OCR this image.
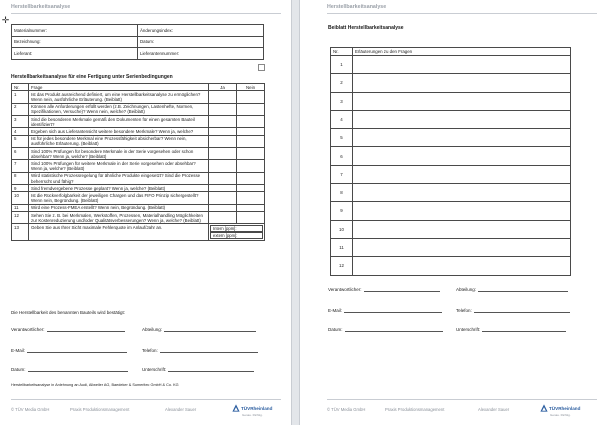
Herstellbarkeitsanalyse
✛
Materialnummer:	Änderungsindex:
Bezeichnung:	Datum:
Lieferant:	Lieferantennummer:
Herstellbarkeitsanalyse für eine Fertigung unter Serienbedingungen
Nr.	Frage	Ja	Nein
1	Ist das Produkt ausreichend definiert, um eine Herstellbarkeitsanalyse zu ermöglichen? Wenn nein, ausführliche Erläuterung. (Beiblatt)		
2	Können alle Anforderungen erfüllt werden (z.B. Zeichnungen, Lastenhefte, Normen, Spezifikationen, Versuche)? Wenn nein, welche? (Beiblatt)		
3	Sind die besonderen Merkmale gemäß den Dokumenten für einen gesamten Bauteil identifiziert?		
4	Ergeben sich aus Lieferantensicht weitere besondere Merkmale? Wenn ja, welche?		
5	Ist für jedes besondere Merkmal eine Prozessfähigkeit absicherbar? Wenn nein, ausführliche Erläuterung. (Beiblatt)		
6	Sind 100% Prüfungen für besondere Merkmale in der Serie vorgesehen oder schon absehbar? Wenn ja, welche? (Beiblatt)		
7	Sind 100% Prüfungen für weitere Merkmale in der Serie vorgesehen oder absehbar? Wenn ja, welche? (Beiblatt)		
8	Wird statistische Prozessregelung für ähnliche Produkte eingesetzt? Sind die Prozesse beherrscht und fähig?		
9	Sind fremdvergebene Prozesse geplant? Wenn ja, welche? (Beiblatt)		
10	Ist die Rückverfolgbarkeit der jeweiligen Chargen und das FIFO Prinzip sichergestellt? Wenn nein, Begründung. (Beiblatt)		
11	Wird eine Prozess-FMEA erstellt? Wenn nein, Begründung. (Beiblatt)		
12	Sehen Sie z. B. bei Merkmalen, Werkstoffen, Prozessen, Materialhandling Möglichkeiten zur Kostenreduzierung und/oder Qualitätsverbesserungen? Wenn ja, welche? (Beiblatt)		
13	Geben Sie aus Ihrer Sicht maximale Fehlerquote im Anlauf/Jahr an.	Intern [ppm]:
extern [ppm]:	
Die Herstellbarkeit des benannten Bauteils wird bestätigt:
Verantwortlicher:	Abteilung:
E-Mail:	Telefon:
Datum:	Unterschrift:
Herstellbarkeitsanalyse in Anlehnung an Audi, Allweiler AG, Baedeker & Sumeritec GmbH & Co. KG
© TÜV Media GmbH	Praxis Produktionsmanagement	Alexander Sauer	TÜVRheinland
Genau. Richtig.
Herstellbarkeitsanalyse
Beiblatt Herstellbarkeitsanalyse
© TÜV Media GmbH	Praxis Produktionsmanagement	Alexander Sauer	TÜVRheinland
Genau. Richtig.
Nr.	Erläuterungen zu den Fragen
1	
2	
3	
4	
5	
6	
7	
8	
9	
10	
11	
12	
Verantwortlicher:	Abteilung:
E-Mail:	Telefon:
Datum:	Unterschrift:
